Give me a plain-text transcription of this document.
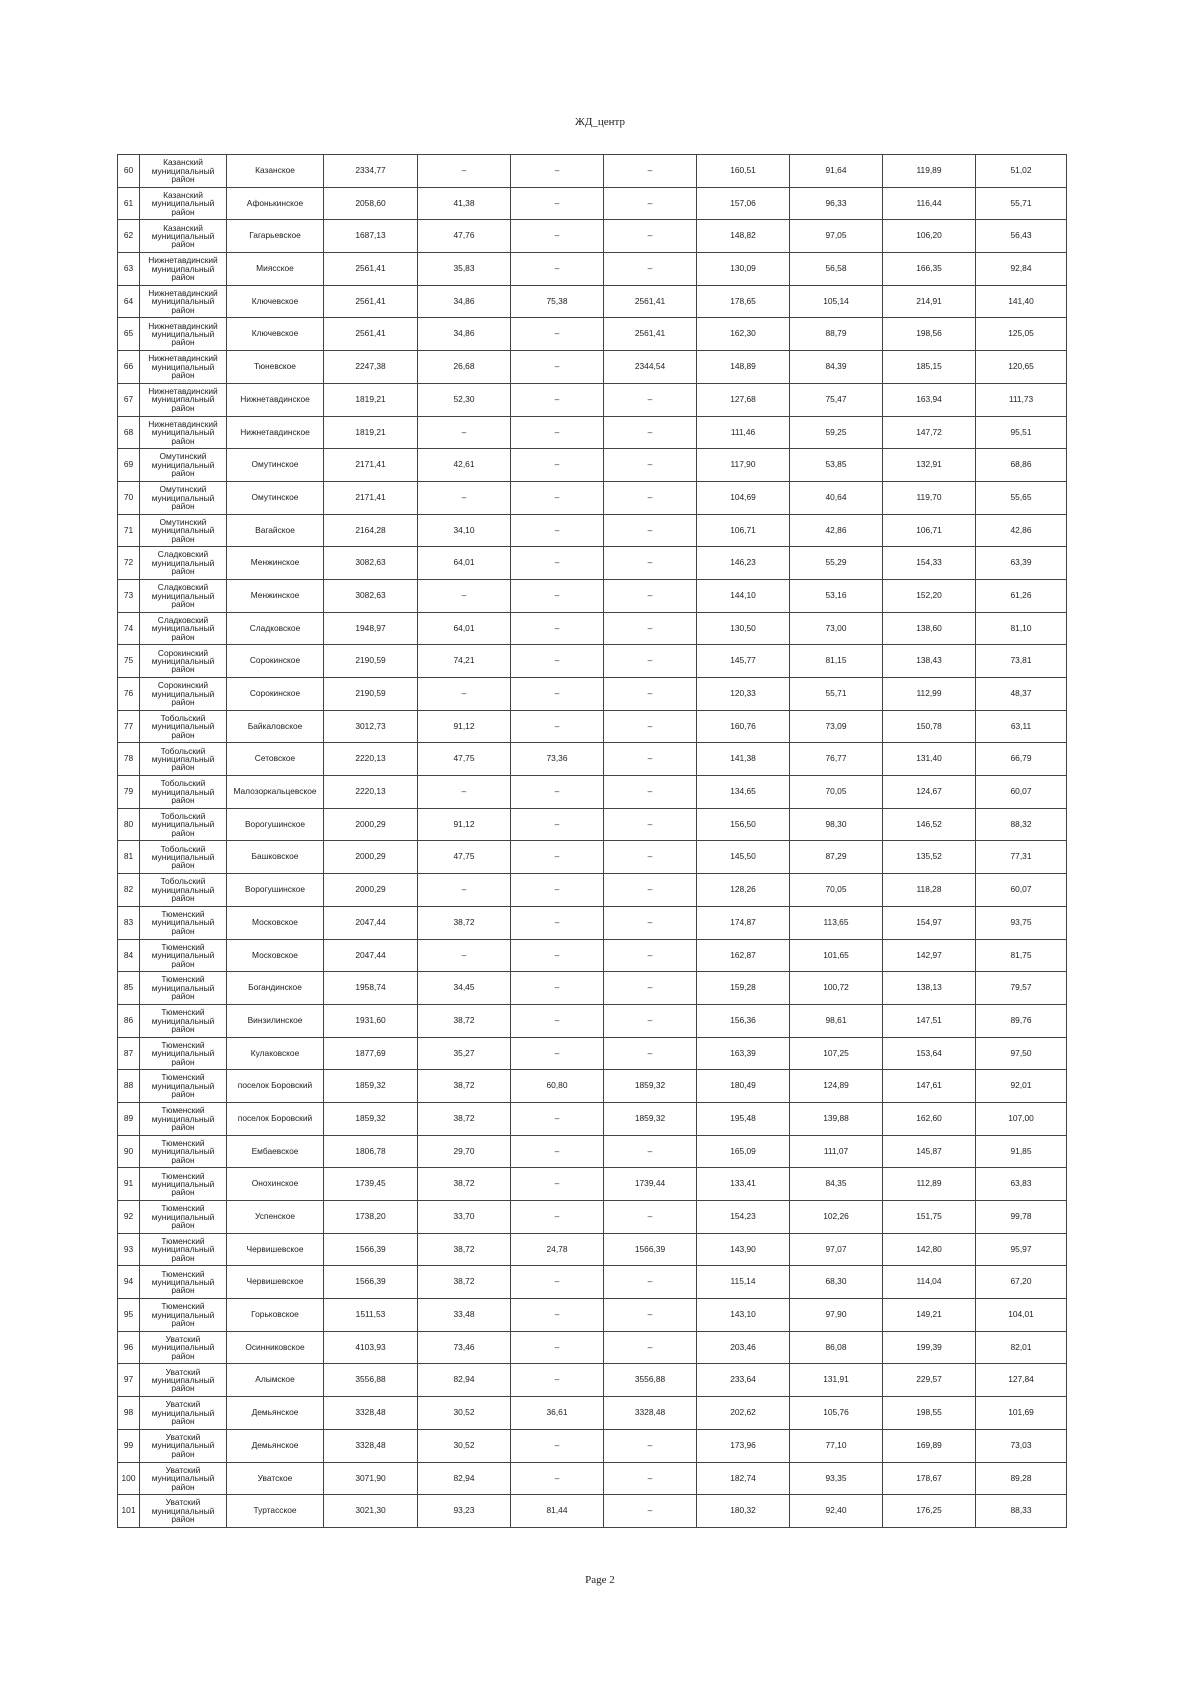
ЖД_центр
60	Казанский муниципальный район	Казанское	2334,77	–	–	–	160,51	91,64	119,89	51,02
61	Казанский муниципальный район	Афонькинское	2058,60	41,38	–	–	157,06	96,33	116,44	55,71
62	Казанский муниципальный район	Гагарьевское	1687,13	47,76	–	–	148,82	97,05	106,20	56,43
63	Нижнетавдинский муниципальный район	Миясское	2561,41	35,83	–	–	130,09	56,58	166,35	92,84
64	Нижнетавдинский муниципальный район	Ключевское	2561,41	34,86	75,38	2561,41	178,65	105,14	214,91	141,40
65	Нижнетавдинский муниципальный район	Ключевское	2561,41	34,86	–	2561,41	162,30	88,79	198,56	125,05
66	Нижнетавдинский муниципальный район	Тюневское	2247,38	26,68	–	2344,54	148,89	84,39	185,15	120,65
67	Нижнетавдинский муниципальный район	Нижнетавдинское	1819,21	52,30	–	–	127,68	75,47	163,94	111,73
68	Нижнетавдинский муниципальный район	Нижнетавдинское	1819,21	–	–	–	111,46	59,25	147,72	95,51
69	Омутинский муниципальный район	Омутинское	2171,41	42,61	–	–	117,90	53,85	132,91	68,86
70	Омутинский муниципальный район	Омутинское	2171,41	–	–	–	104,69	40,64	119,70	55,65
71	Омутинский муниципальный район	Вагайское	2164,28	34,10	–	–	106,71	42,86	106,71	42,86
72	Сладковский муниципальный район	Менжинское	3082,63	64,01	–	–	146,23	55,29	154,33	63,39
73	Сладковский муниципальный район	Менжинское	3082,63	–	–	–	144,10	53,16	152,20	61,26
74	Сладковский муниципальный район	Сладковское	1948,97	64,01	–	–	130,50	73,00	138,60	81,10
75	Сорокинский муниципальный район	Сорокинское	2190,59	74,21	–	–	145,77	81,15	138,43	73,81
76	Сорокинский муниципальный район	Сорокинское	2190,59	–	–	–	120,33	55,71	112,99	48,37
77	Тобольский муниципальный район	Байкаловское	3012,73	91,12	–	–	160,76	73,09	150,78	63,11
78	Тобольский муниципальный район	Сетовское	2220,13	47,75	73,36	–	141,38	76,77	131,40	66,79
79	Тобольский муниципальный район	Малозоркальцевское	2220,13	–	–	–	134,65	70,05	124,67	60,07
80	Тобольский муниципальный район	Ворогушинское	2000,29	91,12	–	–	156,50	98,30	146,52	88,32
81	Тобольский муниципальный район	Башковское	2000,29	47,75	–	–	145,50	87,29	135,52	77,31
82	Тобольский муниципальный район	Ворогушинское	2000,29	–	–	–	128,26	70,05	118,28	60,07
83	Тюменский муниципальный район	Московское	2047,44	38,72	–	–	174,87	113,65	154,97	93,75
84	Тюменский муниципальный район	Московское	2047,44	–	–	–	162,87	101,65	142,97	81,75
85	Тюменский муниципальный район	Богандинское	1958,74	34,45	–	–	159,28	100,72	138,13	79,57
86	Тюменский муниципальный район	Винзилинское	1931,60	38,72	–	–	156,36	98,61	147,51	89,76
87	Тюменский муниципальный район	Кулаковское	1877,69	35,27	–	–	163,39	107,25	153,64	97,50
88	Тюменский муниципальный район	поселок Боровский	1859,32	38,72	60,80	1859,32	180,49	124,89	147,61	92,01
89	Тюменский муниципальный район	поселок Боровский	1859,32	38,72	–	1859,32	195,48	139,88	162,60	107,00
90	Тюменский муниципальный район	Ембаевское	1806,78	29,70	–	–	165,09	111,07	145,87	91,85
91	Тюменский муниципальный район	Онохинское	1739,45	38,72	–	1739,44	133,41	84,35	112,89	63,83
92	Тюменский муниципальный район	Успенское	1738,20	33,70	–	–	154,23	102,26	151,75	99,78
93	Тюменский муниципальный район	Червишевское	1566,39	38,72	24,78	1566,39	143,90	97,07	142,80	95,97
94	Тюменский муниципальный район	Червишевское	1566,39	38,72	–	–	115,14	68,30	114,04	67,20
95	Тюменский муниципальный район	Горьковское	1511,53	33,48	–	–	143,10	97,90	149,21	104,01
96	Уватский муниципальный район	Осинниковское	4103,93	73,46	–	–	203,46	86,08	199,39	82,01
97	Уватский муниципальный район	Алымское	3556,88	82,94	–	3556,88	233,64	131,91	229,57	127,84
98	Уватский муниципальный район	Демьянское	3328,48	30,52	36,61	3328,48	202,62	105,76	198,55	101,69
99	Уватский муниципальный район	Демьянское	3328,48	30,52	–	–	173,96	77,10	169,89	73,03
100	Уватский муниципальный район	Уватское	3071,90	82,94	–	–	182,74	93,35	178,67	89,28
101	Уватский муниципальный район	Туртасское	3021,30	93,23	81,44	–	180,32	92,40	176,25	88,33
Page 2
